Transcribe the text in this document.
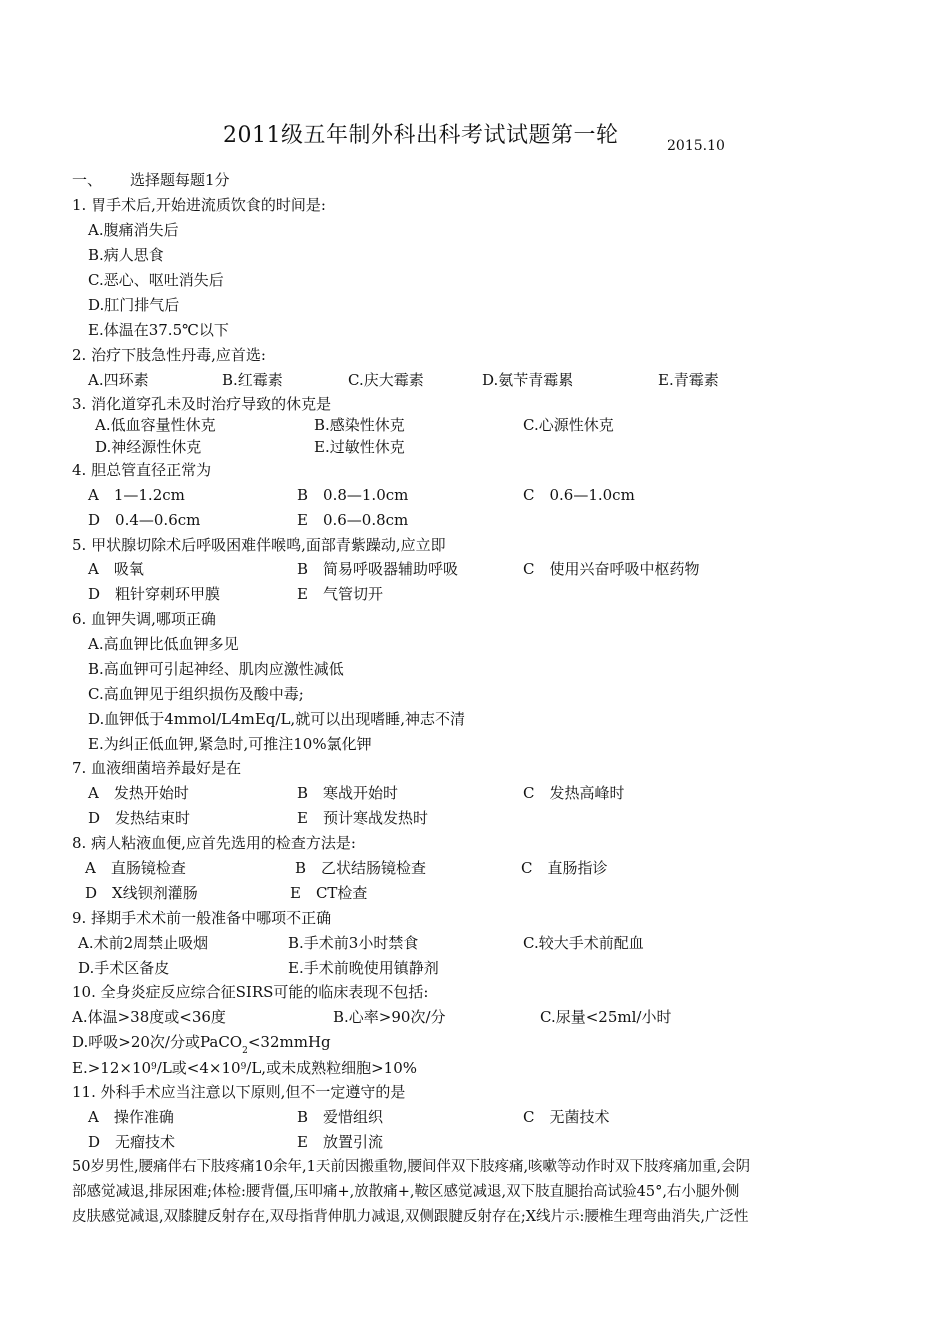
2011级五年制外科出科考试试题第一轮	2015.10
一、 选择题每题1分
1. 胃手术后,开始进流质饮食的时间是:
A.腹痛消失后
B.病人思食
C.恶心、呕吐消失后
D.肛门排气后
E.体温在37.5℃以下
2. 治疗下肢急性丹毒,应首选:
A.四环素	B.红霉素	C.庆大霉素	D.氨苄青霉累	E.青霉素
3. 消化道穿孔未及时治疗导致的休克是
A.低血容量性休克	B.感染性休克	C.心源性休克
D.神经源性休克	E.过敏性休克
4. 胆总管直径正常为
A　1—1.2cm	B　0.8—1.0cm	C　0.6—1.0cm
D　0.4—0.6cm	E　0.6—0.8cm
5. 甲状腺切除术后呼吸困难伴喉鸣,面部青紫躁动,应立即
A　吸氧	B　简易呼吸器辅助呼吸	C　使用兴奋呼吸中枢药物
D　粗针穿刺环甲膜	E　气管切开
6. 血钾失调,哪项正确
A.高血钾比低血钾多见
B.高血钾可引起神经、肌肉应激性减低
C.高血钾见于组织损伤及酸中毒;
D.血钾低于4mmol/L4mEq/L,就可以出现嗜睡,神志不清
E.为纠正低血钾,紧急时,可推注10%氯化钾
7. 血液细菌培养最好是在
A　发热开始时	B　寒战开始时	C　发热高峰时
D　发热结束时	E　预计寒战发热时
8. 病人粘液血便,应首先选用的检查方法是:
A　直肠镜检查	B　乙状结肠镜检查	C　直肠指诊
D　X线钡剂灌肠	E　CT检查
9. 择期手术术前一般准备中哪项不正确
A.术前2周禁止吸烟	B.手术前3小时禁食	C.较大手术前配血
D.手术区备皮	E.手术前晚使用镇静剂
10. 全身炎症反应综合征SIRS可能的临床表现不包括:
A.体温>38度或<36度	B.心率>90次/分	C.尿量<25ml/小时
D.呼吸>20次/分或PaCO$_2$<32mmHg
$E.>12\times 10^9/L$或$<4\times 10^9/L$,或未成熟粒细胞>10%
11. 外科手术应当注意以下原则,但不一定遵守的是
A　操作准确	B　爱惜组织	C　无菌技术
D　无瘤技术	E　放置引流
50岁男性,腰痛伴右下肢疼痛10余年,1天前因搬重物,腰间伴双下肢疼痛,咳嗽等动作时双下肢疼痛加重,会阴
部感觉减退,排尿困难;体检:腰背僵,压叩痛+,放散痛+,鞍区感觉减退,双下肢直腿抬高试验45°,右小腿外侧
皮肤感觉减退,双膝腱反射存在,双母指背伸肌力减退,双侧跟腱反射存在;X线片示:腰椎生理弯曲消失,广泛性
